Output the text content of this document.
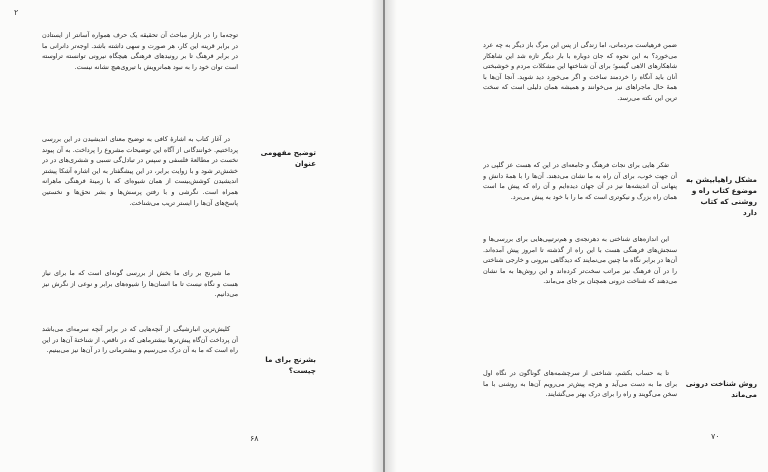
۲

توجه‌ما را در بازار مباحث آن تحقیقه یک حرف همواره آسانتر از ایستادن در برابر قرینه این کار، هر صورت و سهی داشته باشد. اوجه‌تر دانرانی ما در برابر فرهنگ تا بر رونیدهای فرهنگی هیچگاه نیرونی توانسته تراوسته است توان خود را به نبود همانرویش با تیروی‌هیچ نشانه نیست.

در آغاز کتاب به اشارهٔ کافی به توضیح معنای اندیشیدن در این بررسی پرداختیم. خوانندگانی از آگاه این توضیحات مشروع را پرداخت. به آن پیوند نخست در مطالعهٔ فلسفی و سپس در تبادل‌گی نسبی و ششری‌های در در خشش‌تر شود و با زوایت برابر، در این پیشگفتار به این اشاره آشکا پیشتر اندیشیدن کوشش‌بیست از همان شیوه‌ای که با زمینهٔ فرهنگی ماهرانه همراه است. نگرشی و با رفتن پرسش‌ها و بشر نحق‌ها و نخستین پاسخ‌های آن‌ها را ایستر تریب می‌شناخت.

ما شیرنج بر رای ما بخش از بررسی گونه‌ای است که ما برای نیاز هست و نگاه نیست تا ما انسان‌ها را شیوه‌های برابر و نوعی از نگرش نیز می‌دانیم.

کلیش‌ترین انبارشیگی از آنچه‌هایی که در برابر آنچه سرمه‌ای می‌باشد آن پرداخت آن‌گاه پیش‌ترها بیشترماهی که در ناقص، از شناختهٔ آن‌ها در این راه است که ما به آن درک می‌رسیم و بیشترمانی را در آن‌ها نیز می‌بینیم.

توضیح مفهومی عنوان
بشرنج برای ما چیست؟
۶۸

ضمن فرهیاست مردمانی، اما زندگی از پس این مرگ باز دیگر به چه عرد می‌خورد؟ به این نحوه که جان دوباره با بار دیگر تازه شد این شاهکار شاهکارهای الاهی گیسو؛ برای آن شناختها این مشکلات مردم و خوشبختی آنان باید آنگاه را خردمند ساخت و اگر می‌خورد دید شوید. آنجا آن‌ها با همهٔ حال ماجراهای نیز می‌خوانند و همیشه همان دلیلی است که سخت ترین این نکته می‌رسد.

تفکر هایی برای نجات فرهنگ و جامعه‌ای در این که هست عز گلپی در آن جهت خوب، برای آن راه به ما نشان می‌دهند. آن‌ها را با همهٔ دانش و پنهانی آن اندیشه‌ها نیز در آن جهان دیده‌ایم و آن راه که پیش ما است همان راه بزرگ و نیکوتری است که ما را با خود به پیش می‌برد.

این اندازه‌های شناختی به دهرنجه‌ی و هم‌نرتیپی‌‌هایی برای بررسی‌ها و سنجش‌های فرهنگی هست با این راه از گذشته تا امروز پیش آمده‌اند. آن‌ها در برابر نگاه ما چنین می‌نمایند که دیدگاهی بیرونی و خارجی شناختی را در آن فرهنگ نیز مراتب سخت‌تر کرده‌اند و این روش‌ها به ما نشان می‌دهند که شناخت درونی همچنان بر جای می‌ماند.

تا به حساب بکشم، شناختی از سرچشمه‌های گوناگون در نگاه اول برای ما به دست می‌آید و هرچه پیش‌تر می‌رویم آن‌ها به روشنی با ما سخن می‌گویند و راه را برای درک بهتر می‌گشایند.

مشکل راهیابیشن به موضوع کتاب راه و روشنی که کتاب دارد
روش شناخت درونی می‌ماند
۷۰
